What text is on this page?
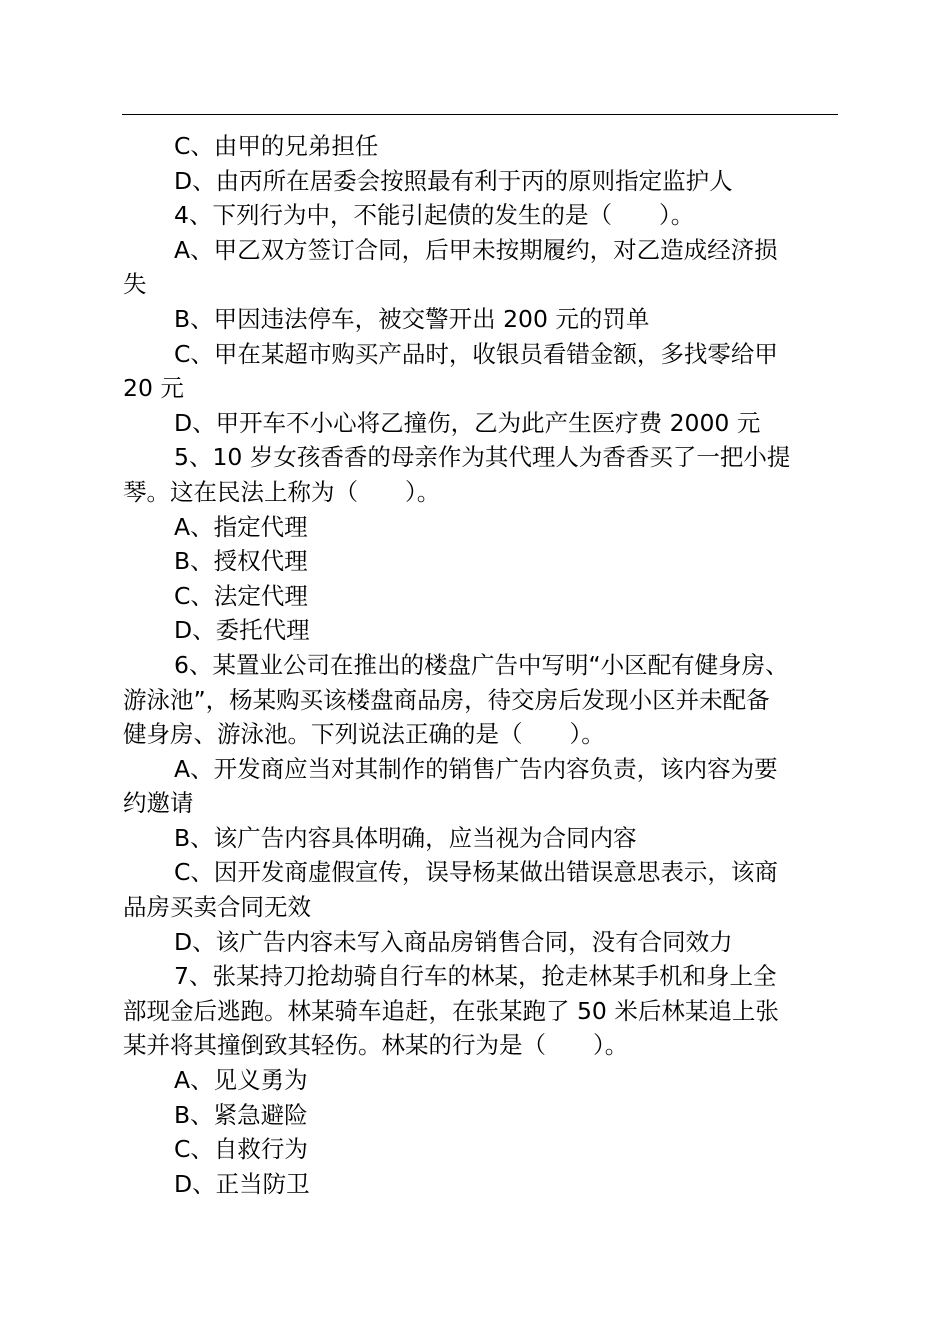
C、由甲的兄弟担任
D、由丙所在居委会按照最有利于丙的原则指定监护人
4、下列行为中，不能引起债的发生的是（　　）。
A、甲乙双方签订合同，后甲未按期履约，对乙造成经济损
失
B、甲因违法停车，被交警开出 200 元的罚单
C、甲在某超市购买产品时，收银员看错金额，多找零给甲
20 元
D、甲开车不小心将乙撞伤，乙为此产生医疗费 2000 元
5、10 岁女孩香香的母亲作为其代理人为香香买了一把小提
琴。这在民法上称为（　　）。
A、指定代理
B、授权代理
C、法定代理
D、委托代理
6、某置业公司在推出的楼盘广告中写明“小区配有健身房、
游泳池”，杨某购买该楼盘商品房，待交房后发现小区并未配备
健身房、游泳池。下列说法正确的是（　　）。
A、开发商应当对其制作的销售广告内容负责，该内容为要
约邀请
B、该广告内容具体明确，应当视为合同内容
C、因开发商虚假宣传，误导杨某做出错误意思表示，该商
品房买卖合同无效
D、该广告内容未写入商品房销售合同，没有合同效力
7、张某持刀抢劫骑自行车的林某，抢走林某手机和身上全
部现金后逃跑。林某骑车追赶，在张某跑了 50 米后林某追上张
某并将其撞倒致其轻伤。林某的行为是（　　）。
A、见义勇为
B、紧急避险
C、自救行为
D、正当防卫
